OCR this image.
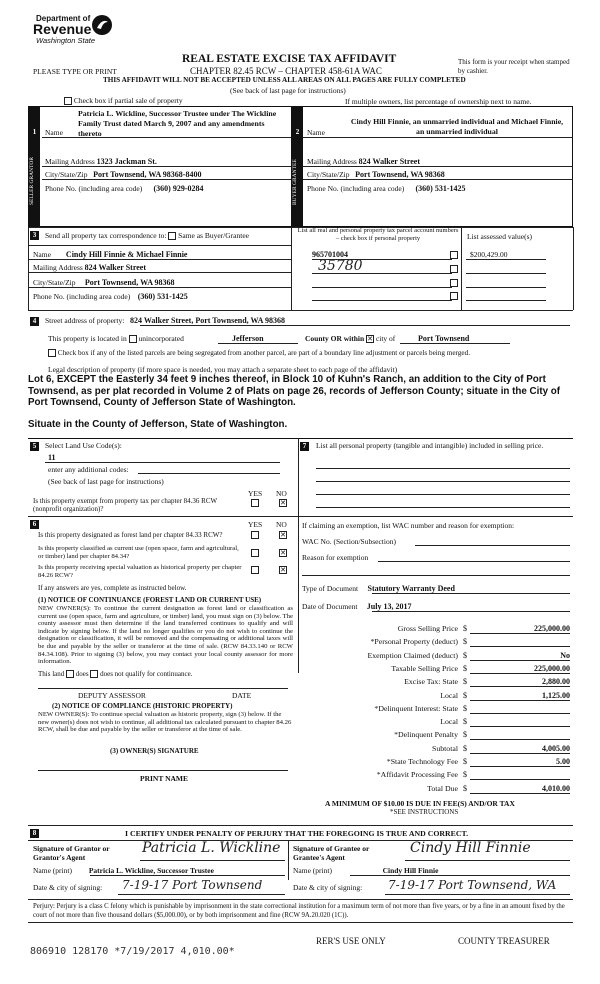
Department of
Revenue
Washington State
REAL ESTATE EXCISE TAX AFFIDAVIT
CHAPTER 82.45 RCW – CHAPTER 458-61A WAC
PLEASE TYPE OR PRINT
This form is your receipt when stamped by cashier.
THIS AFFIDAVIT WILL NOT BE ACCEPTED UNLESS ALL AREAS ON ALL PAGES ARE FULLY COMPLETED
(See back of last page for instructions)
Check box if partial sale of property	If multiple owners, list percentage of ownership next to name.
1	2
Patricia L. Wickline, Successor Trustee under The Wickline Family Trust dated March 9, 2007 and any amendments thereto
Name
Cindy Hill Finnie, an unmarried individual and Michael Finnie, an unmarried individual
Name
SELLER GRANTOR	BUYER GRANTEE
Mailing Address 1323 Jackman St.
City/State/Zip Port Townsend, WA 98368-8400
Phone No. (including area code) (360) 929-0284
Mailing Address 824 Walker Street
City/State/Zip Port Townsend, WA 98368
Phone No. (including area code) (360) 531-1425
3	Send all property tax correspondence to: Same as Buyer/Grantee
List all real and personal property tax parcel account numbers – check box if personal property	List assessed value(s)
Name Cindy Hill Finnie & Michael Finnie
Mailing Address 824 Walker Street
City/State/Zip Port Townsend, WA 98368
Phone No. (including area code) (360) 531-1425
965701004
35780
$200,429.00
4	Street address of property: 824 Walker Street, Port Townsend, WA 98368
This property is located in unincorporated	Jefferson	County OR within ✕ city of	Port Townsend
Check box if any of the listed parcels are being segregated from another parcel, are part of a boundary line adjustment or parcels being merged.
Legal description of property (if more space is needed, you may attach a separate sheet to each page of the affidavit)
Lot 6, EXCEPT the Easterly 34 feet 9 inches thereof, in Block 10 of Kuhn's Ranch, an addition to the City of Port Townsend, as per plat recorded in Volume 2 of Plats on page 26, records of Jefferson County; situate in the City of Port Townsend, County of Jefferson State of Washington.
Situate in the County of Jefferson, State of Washington.
5	7
Select Land Use Code(s):
11
enter any additional codes:
(See back of last page for instructions)
YES NO
Is this property exempt from property tax per chapter 84.36 RCW (nonprofit organization)?
✕
6	YES NO
Is this property designated as forest land per chapter 84.33 RCW?	✕
Is this property classified as current use (open space, farm and agricultural, or timber) land per chapter 84.34?	✕
Is this property receiving special valuation as historical property per chapter 84.26 RCW?
✕
If any answers are yes, complete as instructed below.
(1) NOTICE OF CONTINUANCE (FOREST LAND OR CURRENT USE)
NEW OWNER(S): To continue the current designation as forest land or classification as current use (open space, farm and agriculture, or timber) land, you must sign on (3) below. The county assessor must then determine if the land transferred continues to qualify and will indicate by signing below. If the land no longer qualifies or you do not wish to continue the designation or classification, it will be removed and the compensating or additional taxes will be due and payable by the seller or transferor at the time of sale. (RCW 84.33.140 or RCW 84.34.108). Prior to signing (3) below, you may contact your local county assessor for more information.
This land does does not qualify for continuance.
DEPUTY ASSESSOR	DATE
(2) NOTICE OF COMPLIANCE (HISTORIC PROPERTY)
NEW OWNER(S): To continue special valuation as historic property, sign (3) below. If the new owner(s) does not wish to continue, all additional tax calculated pursuant to chapter 84.26 RCW, shall be due and payable by the seller or transferor at the time of sale.
(3) OWNER(S) SIGNATURE
PRINT NAME
List all personal property (tangible and intangible) included in selling price.
If claiming an exemption, list WAC number and reason for exemption:
WAC No. (Section/Subsection)
Reason for exemption
Type of Document Statutory Warranty Deed
Date of Document July 13, 2017
Gross Selling Price $	225,000.00
*Personal Property (deduct) $
Exemption Claimed (deduct) $	No
Taxable Selling Price $	225,000.00
Excise Tax: State $	2,880.00
Local $	1,125.00
*Delinquent Interest: State $
Local $
*Delinquent Penalty $
Subtotal $	4,005.00
*State Technology Fee $	5.00
*Affidavit Processing Fee $
Total Due $	4,010.00
A MINIMUM OF $10.00 IS DUE IN FEE(S) AND/OR TAX
*SEE INSTRUCTIONS
8	I CERTIFY UNDER PENALTY OF PERJURY THAT THE FOREGOING IS TRUE AND CORRECT.
Signature of Grantor or Grantor's Agent
Patricia L. Wickline Signature of Grantee or Grantee's Agent
Cindy Hill Finnie
Name (print) Patricia L. Wickline, Successor Trustee	Name (print)	Cindy Hill Finnie
Date & city of signing: 7-19-17 Port Townsend	Date & city of signing: 7-19-17 Port Townsend, WA
Perjury: Perjury is a class C felony which is punishable by imprisonment in the state correctional institution for a maximum term of not more than five years, or by a fine in an amount fixed by the court of not more than five thousand dollars ($5,000.00), or by both imprisonment and fine (RCW 9A.20.020 (1C)).
806910 128170 *7/19/2017 4,010.00*
RER'S USE ONLY	COUNTY TREASURER
